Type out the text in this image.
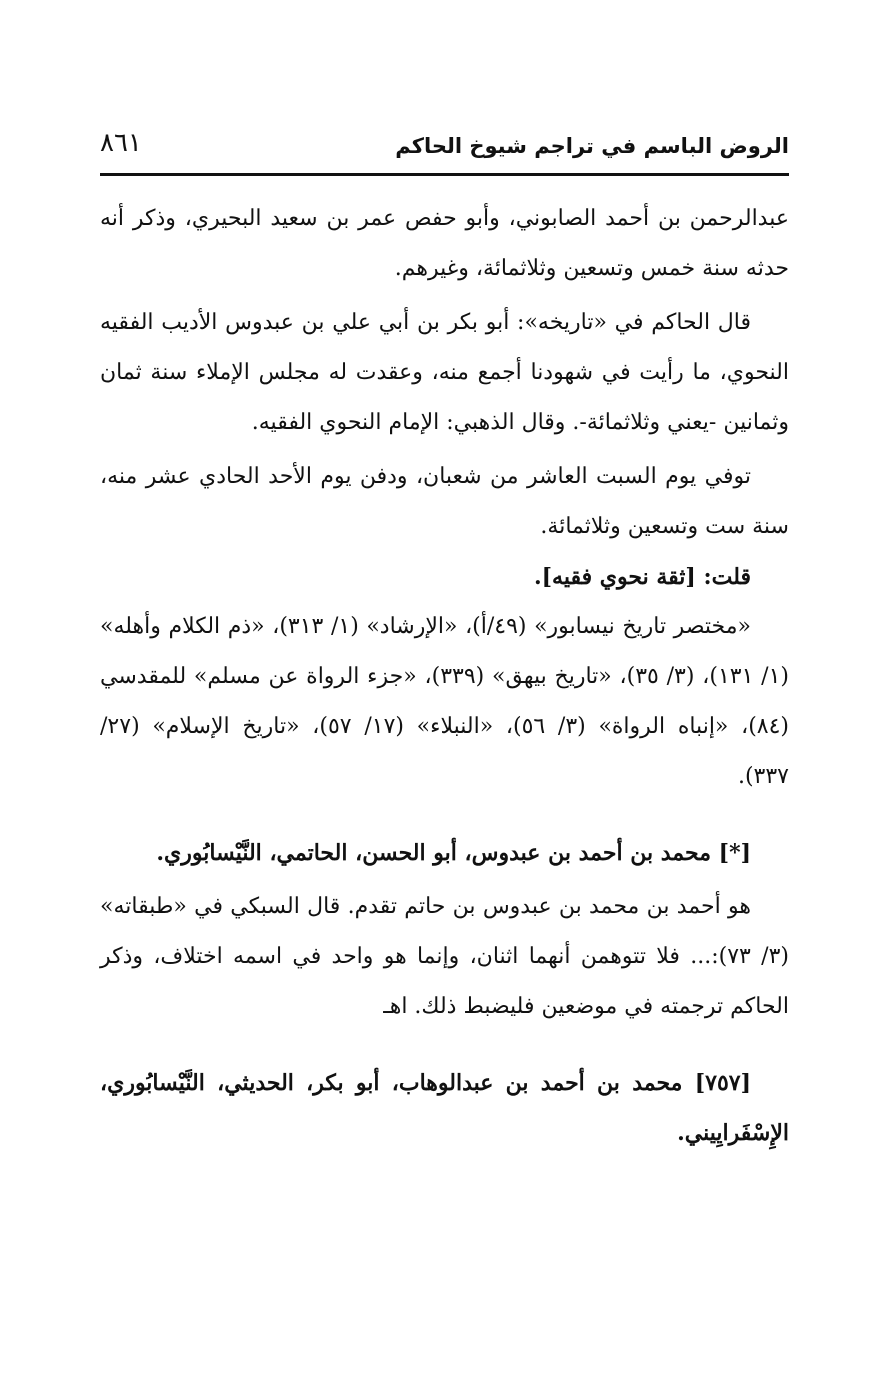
الروض الباسم في تراجم شيوخ الحاكم
٨٦١

عبدالرحمن بن أحمد الصابوني، وأبو حفص عمر بن سعيد البحيري، وذكر أنه حدثه سنة خمس وتسعين وثلاثمائة، وغيرهم.

قال الحاكم في «تاريخه»: أبو بكر بن أبي علي بن عبدوس الأديب الفقيه النحوي، ما رأيت في شهودنا أجمع منه، وعقدت له مجلس الإملاء سنة ثمان وثمانين -يعني وثلاثمائة-. وقال الذهبي: الإمام النحوي الفقيه.

توفي يوم السبت العاشر من شعبان، ودفن يوم الأحد الحادي عشر منه، سنة ست وتسعين وثلاثمائة.

قلت: [ثقة نحوي فقيه].

«مختصر تاريخ نيسابور» (٤٩/أ)، «الإرشاد» (١/ ٣١٣)، «ذم الكلام وأهله» (١/ ١٣١)، (٣/ ٣٥)، «تاريخ بيهق» (٣٣٩)، «جزء الرواة عن مسلم» للمقدسي (٨٤)، «إنباه الرواة» (٣/ ٥٦)، «النبلاء» (١٧/ ٥٧)، «تاريخ الإسلام» (٢٧/ ٣٣٧).

[*] محمد بن أحمد بن عبدوس، أبو الحسن، الحاتمي، النَّيْسابُوري.

هو أحمد بن محمد بن عبدوس بن حاتم تقدم. قال السبكي في «طبقاته» (٣/ ٧٣):... فلا تتوهمن أنهما اثنان، وإنما هو واحد في اسمه اختلاف، وذكر الحاكم ترجمته في موضعين فليضبط ذلك. اهـ

[٧٥٧] محمد بن أحمد بن عبدالوهاب، أبو بكر، الحديثي، النَّيْسابُوري، الإِسْفَرايِيني.
